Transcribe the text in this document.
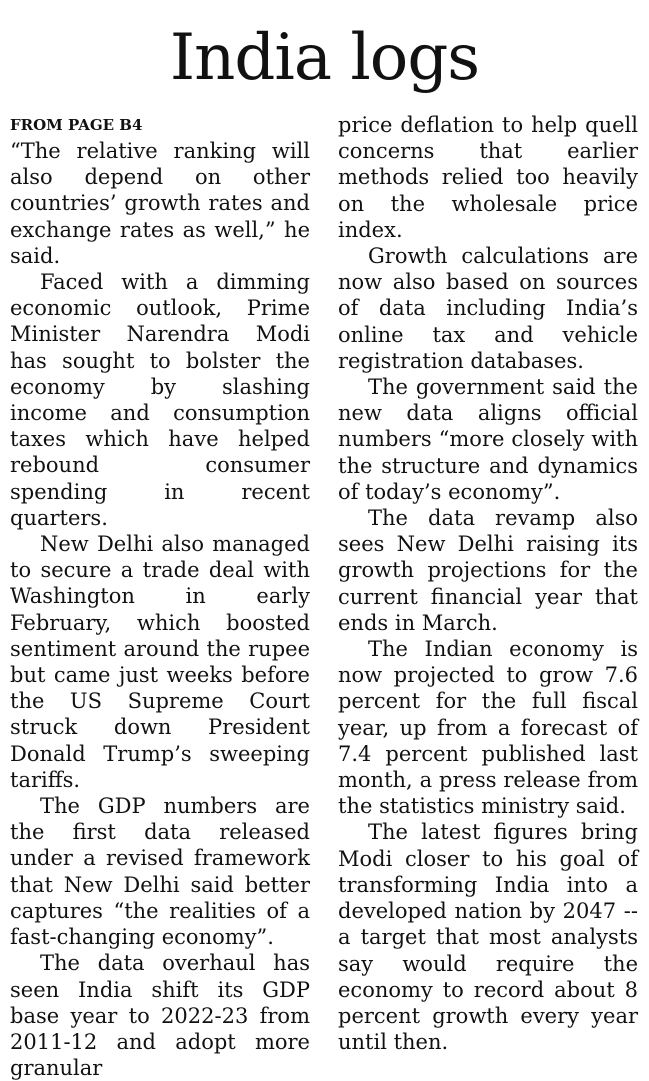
India logs
FROM PAGE B4

“The relative ranking will also depend on other countries’ growth rates and exchange rates as well,” he said.

Faced with a dimming economic outlook, Prime Minister Narendra Modi has sought to bolster the economy by slashing income and consumption taxes which have helped rebound consumer spending in recent quarters.

New Delhi also managed to secure a trade deal with Washington in early February, which boosted sentiment around the rupee but came just weeks before the US Supreme Court struck down President Donald Trump’s sweeping tariffs.

The GDP numbers are the first data released under a revised framework that New Delhi said better captures “the realities of a fast-changing economy”.

The data overhaul has seen India shift its GDP base year to 2022-23 from 2011-12 and adopt more granular

price deflation to help quell concerns that earlier methods relied too heavily on the wholesale price index.

Growth calculations are now also based on sources of data including India’s online tax and vehicle registration databases.

The government said the new data aligns official numbers “more closely with the structure and dynamics of today’s economy”.

The data revamp also sees New Delhi raising its growth projections for the current financial year that ends in March.

The Indian economy is now projected to grow 7.6 percent for the full fiscal year, up from a forecast of 7.4 percent published last month, a press release from the statistics ministry said.

The latest figures bring Modi closer to his goal of transforming India into a developed nation by 2047 -- a target that most analysts say would require the economy to record about 8 percent growth every year until then.
